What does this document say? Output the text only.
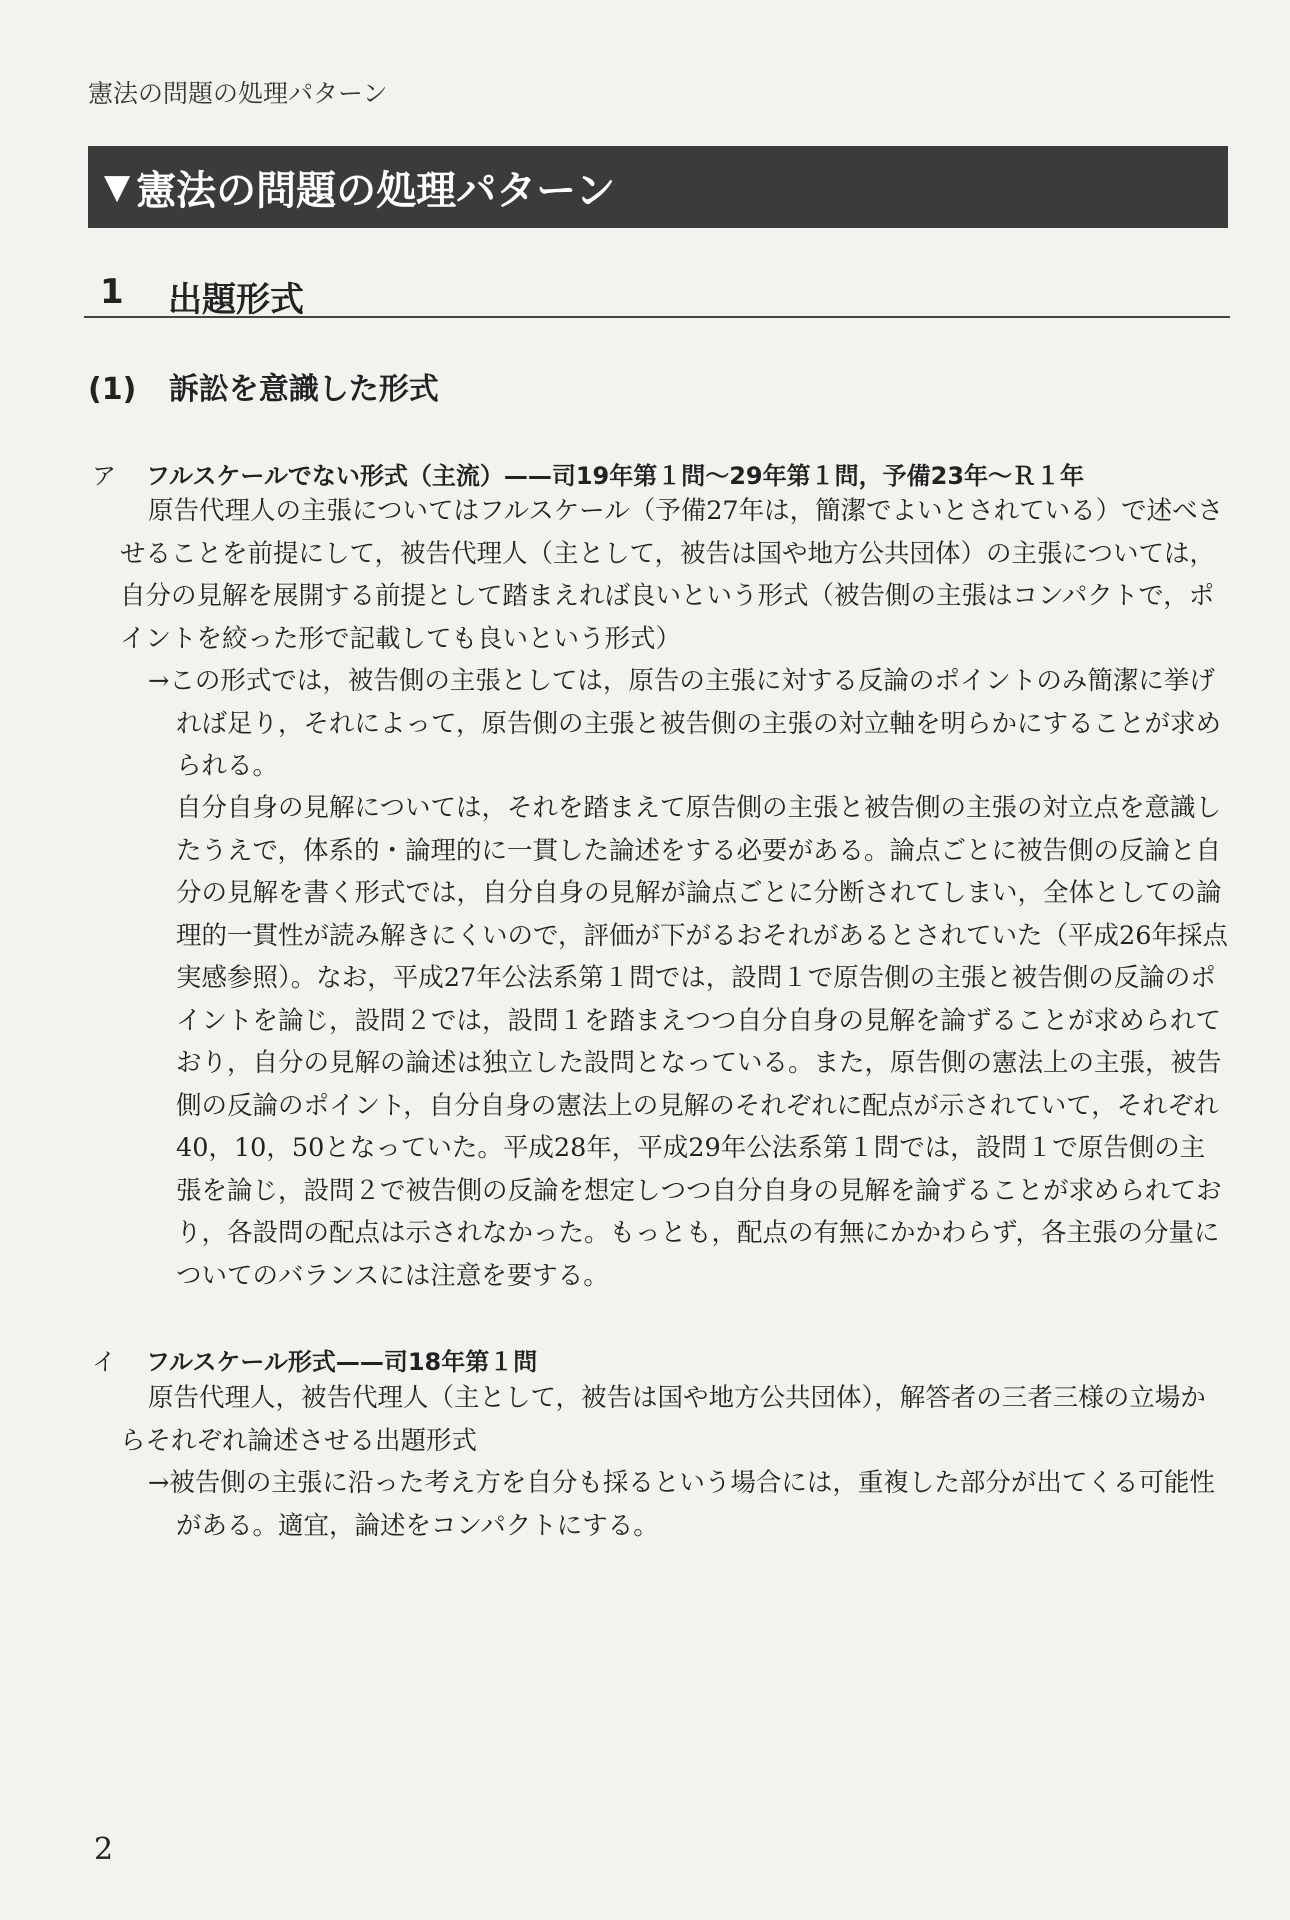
憲法の問題の処理パターン
▼ 憲法の問題の処理パターン
1 出題形式
(1) 訴訟を意識した形式
ア フルスケールでない形式（主流）——司19年第１問～29年第１問，予備23年～Ｒ１年

原告代理人の主張についてはフルスケール（予備27年は，簡潔でよいとされている）で述べさせることを前提にして，被告代理人（主として，被告は国や地方公共団体）の主張については，自分の見解を展開する前提として踏まえれば良いという形式（被告側の主張はコンパクトで，ポイントを絞った形で記載しても良いという形式）

→この形式では，被告側の主張としては，原告の主張に対する反論のポイントのみ簡潔に挙げれば足り，それによって，原告側の主張と被告側の主張の対立軸を明らかにすることが求められる。

自分自身の見解については，それを踏まえて原告側の主張と被告側の主張の対立点を意識したうえで，体系的・論理的に一貫した論述をする必要がある。論点ごとに被告側の反論と自分の見解を書く形式では，自分自身の見解が論点ごとに分断されてしまい，全体としての論理的一貫性が読み解きにくいので，評価が下がるおそれがあるとされていた（平成26年採点実感参照）。なお，平成27年公法系第１問では，設問１で原告側の主張と被告側の反論のポイントを論じ，設問２では，設問１を踏まえつつ自分自身の見解を論ずることが求められており，自分の見解の論述は独立した設問となっている。また，原告側の憲法上の主張，被告側の反論のポイント，自分自身の憲法上の見解のそれぞれに配点が示されていて，それぞれ40，10，50となっていた。平成28年，平成29年公法系第１問では，設問１で原告側の主張を論じ，設問２で被告側の反論を想定しつつ自分自身の見解を論ずることが求められており，各設問の配点は示されなかった。もっとも，配点の有無にかかわらず，各主張の分量についてのバランスには注意を要する。

イ フルスケール形式——司18年第１問

原告代理人，被告代理人（主として，被告は国や地方公共団体），解答者の三者三様の立場からそれぞれ論述させる出題形式

→被告側の主張に沿った考え方を自分も採るという場合には，重複した部分が出てくる可能性がある。適宜，論述をコンパクトにする。

2
